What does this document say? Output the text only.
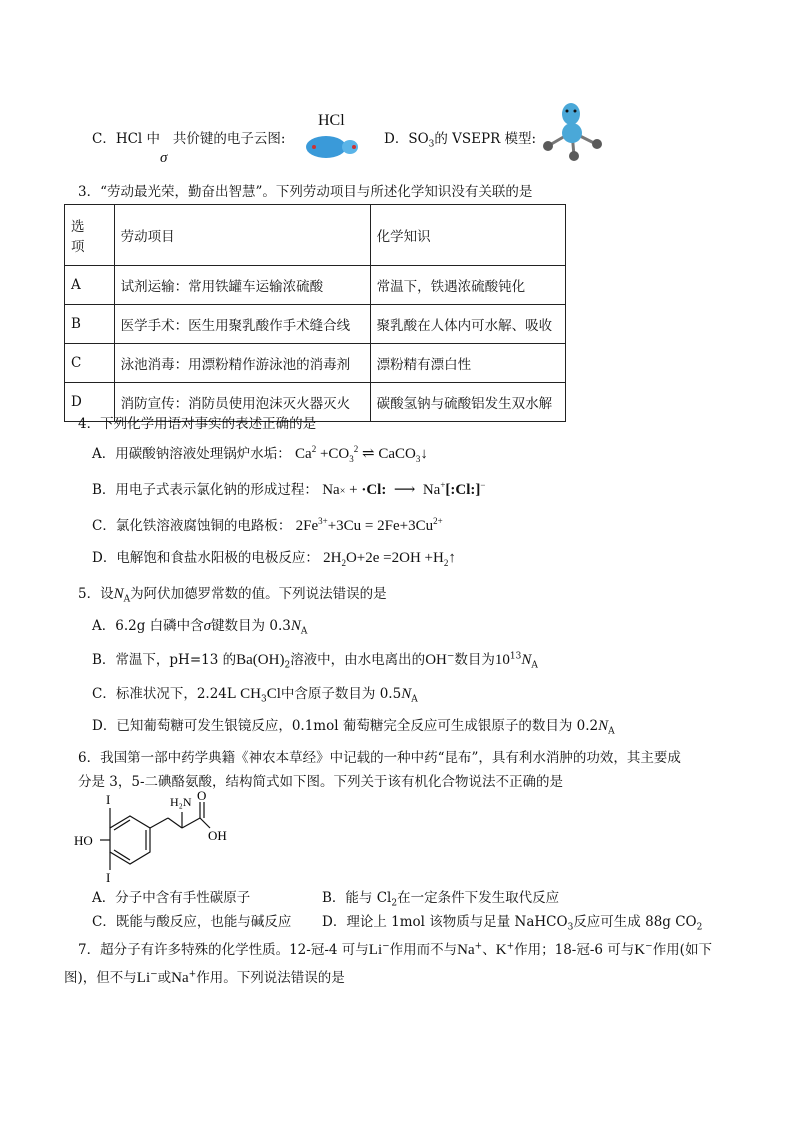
C．HCl 中 共价键的电子云图:
σ
HCl
D．$SO_3$的 VSEPR 模型:
3．“劳动最光荣，勤奋出智慧”。下列劳动项目与所述化学知识没有关联的是
选
项	劳动项目	化学知识
A	试剂运输：常用铁罐车运输浓硫酸	常温下，铁遇浓硫酸钝化
B	医学手术：医生用聚乳酸作手术缝合线	聚乳酸在人体内可水解、吸收
C	泳池消毒：用漂粉精作游泳池的消毒剂	漂粉精有漂白性
D	消防宣传：消防员使用泡沫灭火器灭火	碳酸氢钠与硫酸铝发生双水解
4．下列化学用语对事实的表述正确的是
A．用碳酸钠溶液处理锅炉水垢： $Ca^2 +CO_3^2$ ⇌ CaCO$_3$↓
B．用电子式表示氯化钠的形成过程： Na× + ·Cl: ⟶ Na+[:Cl:]−
C．氯化铁溶液腐蚀铜的电路板： $2Fe^{3+}+3Cu = 2Fe+3Cu^{2+}$
D．电解饱和食盐水阳极的电极反应： $2H_2O+2e =2OH$ $+H_2↑$
5．设$N_A$为阿伏加德罗常数的值。下列说法错误的是
A．6.2g 白磷中含σ键数目为 $0.3N_A$
B．常温下，pH=13 的$Ba(OH)_2$溶液中，由水电离出的OH−数目为$10^{13}N_A$
C．标准状况下，2.24L $CH_3Cl$中含原子数目为 $0.5N_A$
D．已知葡萄糖可发生银镜反应，0.1mol 葡萄糖完全反应可生成银原子的数目为 $0.2N_A$
6．我国第一部中药学典籍《神农本草经》中记载的一种中药“昆布”，具有利水消肿的功效，其主要成
分是 3，5-二碘酪氨酸，结构简式如下图。下列关于该有机化合物说法不正确的是
I
I
HO
H₂N O
OH
A．分子中含有手性碳原子	B．能与 $Cl_2$在一定条件下发生取代反应
C．既能与酸反应，也能与碱反应 D．理论上 1mol 该物质与足量 NaHCO$_3$反应可生成 88g $CO_2$
7．超分子有许多特殊的化学性质。12-冠-4 可与Li−作用而不与Na+、K+作用；18-冠-6 可与K−作用(如下
图)，但不与Li−或Na+作用。下列说法错误的是
